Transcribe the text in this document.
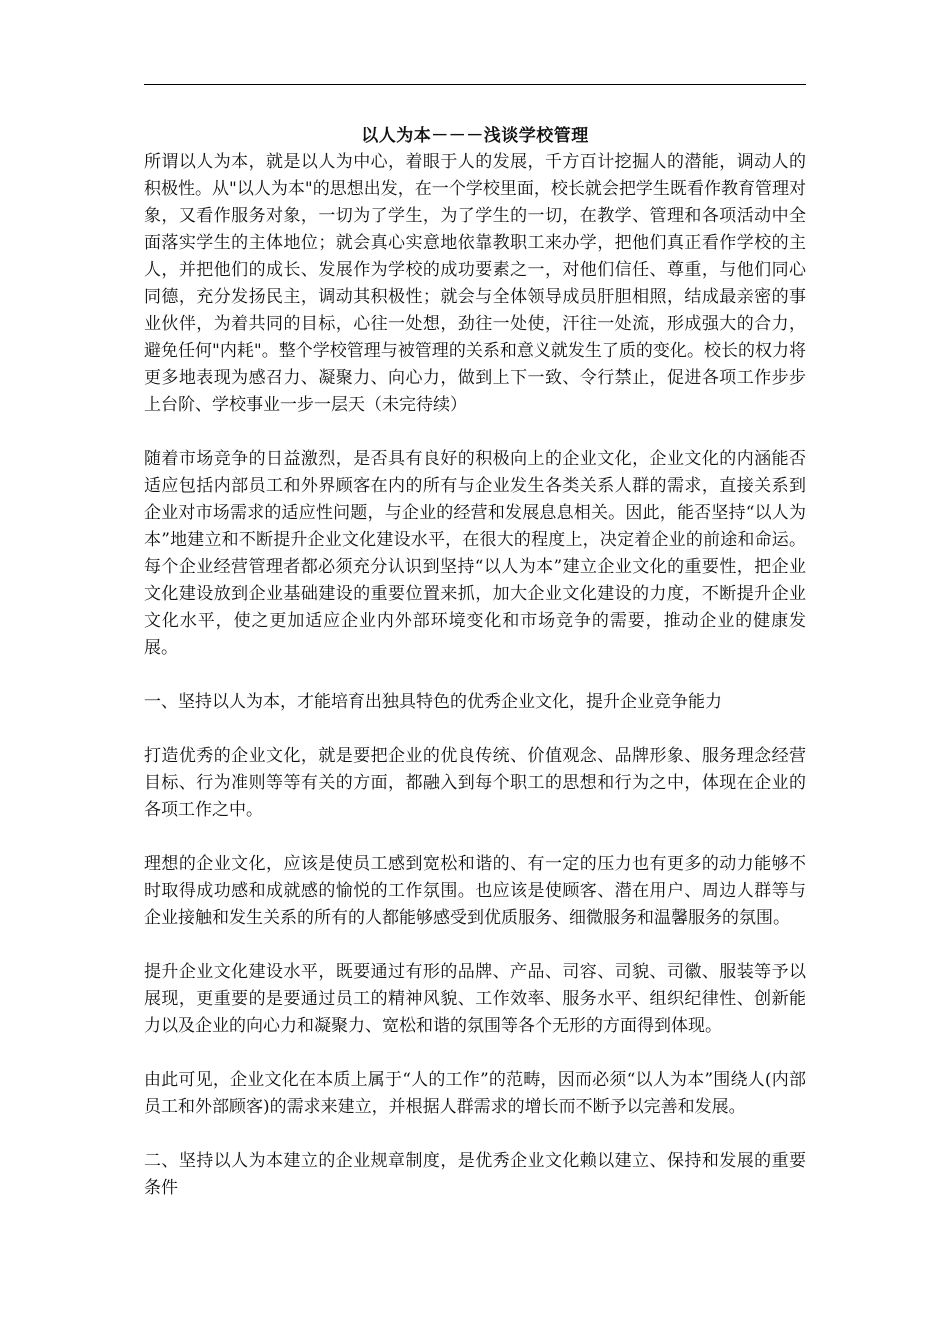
以人为本－－－浅谈学校管理

所谓以人为本，就是以人为中心，着眼于人的发展，千方百计挖掘人的潜能，调动人的积极性。从"以人为本"的思想出发，在一个学校里面，校长就会把学生既看作教育管理对象，又看作服务对象，一切为了学生，为了学生的一切，在教学、管理和各项活动中全面落实学生的主体地位；就会真心实意地依靠教职工来办学，把他们真正看作学校的主人，并把他们的成长、发展作为学校的成功要素之一，对他们信任、尊重，与他们同心同德，充分发扬民主，调动其积极性；就会与全体领导成员肝胆相照，结成最亲密的事业伙伴，为着共同的目标，心往一处想，劲往一处使，汗往一处流，形成强大的合力，避免任何"内耗"。整个学校管理与被管理的关系和意义就发生了质的变化。校长的权力将更多地表现为感召力、凝聚力、向心力，做到上下一致、令行禁止，促进各项工作步步上台阶、学校事业一步一层天（未完待续）

随着市场竞争的日益激烈，是否具有良好的积极向上的企业文化，企业文化的内涵能否适应包括内部员工和外界顾客在内的所有与企业发生各类关系人群的需求，直接关系到企业对市场需求的适应性问题，与企业的经营和发展息息相关。因此，能否坚持“以人为本”地建立和不断提升企业文化建设水平，在很大的程度上，决定着企业的前途和命运。每个企业经营管理者都必须充分认识到坚持“以人为本”建立企业文化的重要性，把企业文化建设放到企业基础建设的重要位置来抓，加大企业文化建设的力度，不断提升企业文化水平，使之更加适应企业内外部环境变化和市场竞争的需要，推动企业的健康发展。

一、坚持以人为本，才能培育出独具特色的优秀企业文化，提升企业竞争能力

打造优秀的企业文化，就是要把企业的优良传统、价值观念、品牌形象、服务理念经营目标、行为准则等等有关的方面，都融入到每个职工的思想和行为之中，体现在企业的各项工作之中。

理想的企业文化，应该是使员工感到宽松和谐的、有一定的压力也有更多的动力能够不时取得成功感和成就感的愉悦的工作氛围。也应该是使顾客、潜在用户、周边人群等与企业接触和发生关系的所有的人都能够感受到优质服务、细微服务和温馨服务的氛围。

提升企业文化建设水平，既要通过有形的品牌、产品、司容、司貌、司徽、服装等予以展现，更重要的是要通过员工的精神风貌、工作效率、服务水平、组织纪律性、创新能力以及企业的向心力和凝聚力、宽松和谐的氛围等各个无形的方面得到体现。

由此可见，企业文化在本质上属于“人的工作”的范畴，因而必须“以人为本”围绕人(内部员工和外部顾客)的需求来建立，并根据人群需求的增长而不断予以完善和发展。

二、坚持以人为本建立的企业规章制度，是优秀企业文化赖以建立、保持和发展的重要条件
